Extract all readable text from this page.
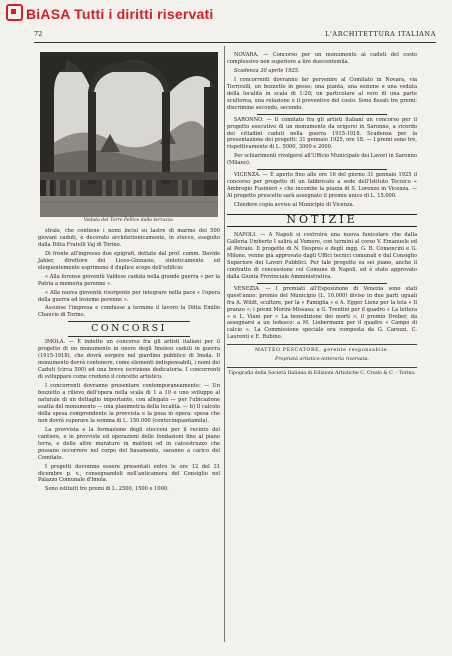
BiASA Tutti i diritti riservati
72	L'ARCHITETTURA ITALIANA
Veduta del Torre Pellice dalla terrazza.

strale, che contiene i nomi incisi su lastre di marmo dei 500 giovani caduti, è decorato architettonicamente, in stucco, eseguito dalla Ditta Fratelli Vaj di Torino.

Di fronte all'ingresso due epigrafi, dettate dal prof. comm. Davide Jahier, direttore dei Liceo-Ginnasio, sinteticamente ed eloquentemente esprimono il duplice scopo dell'edificio:

« Alla forense gioventù Valdese caduta nella grande guerra « per la Patria a memoria perenne ».

« Alla nuova gioventù risorgente per integrare nella pace « l'opera della guerra ed insieme perenne ».

Assunse l'impresa e condusse a termine il lavoro la Ditta Emilio Chauvie di Torino.

CONCORSI

IMOLA. — È indetto un concorso fra gli artisti italiani per il progetto di un monumento in onore degli Imolesi caduti in guerra (1915-1918), che dovrà sorgere nel giardino pubblico di Imola. Il monumento dovrà contenere, come elementi indispensabili, i nomi dei Caduti (circa 500) ed una breve iscrizione dedicatoria. I concorrenti di sviluppare come credono il concetto artistico.

I concorrenti dovranno presentare contemporaneamente: — Un bozzetto a rilievo dell'opera nella scala di 1 a 10 e uno sviluppo al naturale di un dettaglio importante, con allegato — per l'ubicazione esatta del monumento — una planimetria della località. — b) Il calcolo della spesa comprendente la provvista e la posa in opera: spesa che non dovrà superare la somma di L. 150.000 (centocinquantamila).

La provvista e la formazione degli stecconi per il recinto del cantiere, e le provviste ed operazioni delle fondazioni fino al piano terra, e delle altre murature in mattoni od in calcestruzzo che possano occorrere nel corpo del basamento, saranno a carico del Comitato.

I progetti dovranno essere presentati entro le ore 12 del 31 dicembre p. v., consegnandoli nell'anticamera del Consiglio nel Palazzo Comunale d'Imola.

Sono istituiti tre premi di L. 2500, 1500 e 1000.

NOVARA. — Concorso per un monumento ai caduti del costo complessivo non superiore a lire duecentomila.

Scadenza 30 aprile 1925.

I concorrenti dovranno far pervenire al Comitato in Novara, via Torricelli, un bozzetto in gesso; una pianta, una sezione e una veduta della località in scala di 1:20; un particolare al vero di una parte scultorea, una relazione e il preventivo del costo. Sono fissati tre premi: discrimine secondo, secondo.

SARONNO. — Il comitato fra gli artisti italiani un concorso per il progetto esecutivo di un monumento da erigersi in Saronno, a ricordo dei cittadini caduti nella guerra 1915-1918. Scadenza per la presentazione dei progetti: 31 gennaio 1925, ore 18. — I premi sono tre, rispettivamente di L. 5000, 3000 e 2000.

Per schiarimenti rivolgersi all'Ufficio Municipale dei Lavori in Saronno (Milano).

VICENZA. — È aperto fino alle ore 16 del giorno 31 gennaio 1925 il concorso per progetto di un fabbricato a sede dell'Istituto Tecnico « Ambrogio Fusinieri » che incombe la piazza di S. Lorenzo in Vicenza. — Al progetto prescelto sarà assegnato il premio unico di L. 15.000.

Chiedere copia avviso al Municipio di Vicenza.

NOTIZIE

NAPOLI. — A Napoli si costruirà una nuova funicolare che dalla Galleria Umberto I salirà al Vomero, con termini al corso V. Emanuele ed al Petraio. Il progetto di N. Despres e degli ingg. G. B. Comencini e G. Milone, venne già approvato dagli Uffici tecnici comunali e dal Consiglio Superiore dei Lavori Pubblici. Per tale progetto su sei piano, anche il contratto di concessione col Comune di Napoli, ed è stato approvato dalla Giunta Provinciale Amministrativa.

VENEZIA. — I premiati all'Esposizione di Venezia sono stati quest'anno: premio del Municipio (L. 10.000) diviso in due parti uguali fra A. Wildt, scultore, per la « Famiglia » e A. Egger Lienz per la tela « Il pranzo »; i premi Morini-Missasa: a G. Trentini per il quadro « La lettera » e L. Viani per « La benedizione dei morti »; il premio Dreber, da assegnarsi a un tedesco: a M. Liebermann per il quadro « Campo di calcio ». La Commissione speciale era composta da G. Carozzi, C. Laurenti e E. Rubino.

MATTEO PESCATORE, gerente responsabile.
Proprietà artistico-letteraria riservata.
Tipografia della Società Italiana di Edizioni Artistiche C. Crudo & C. - Torino.
